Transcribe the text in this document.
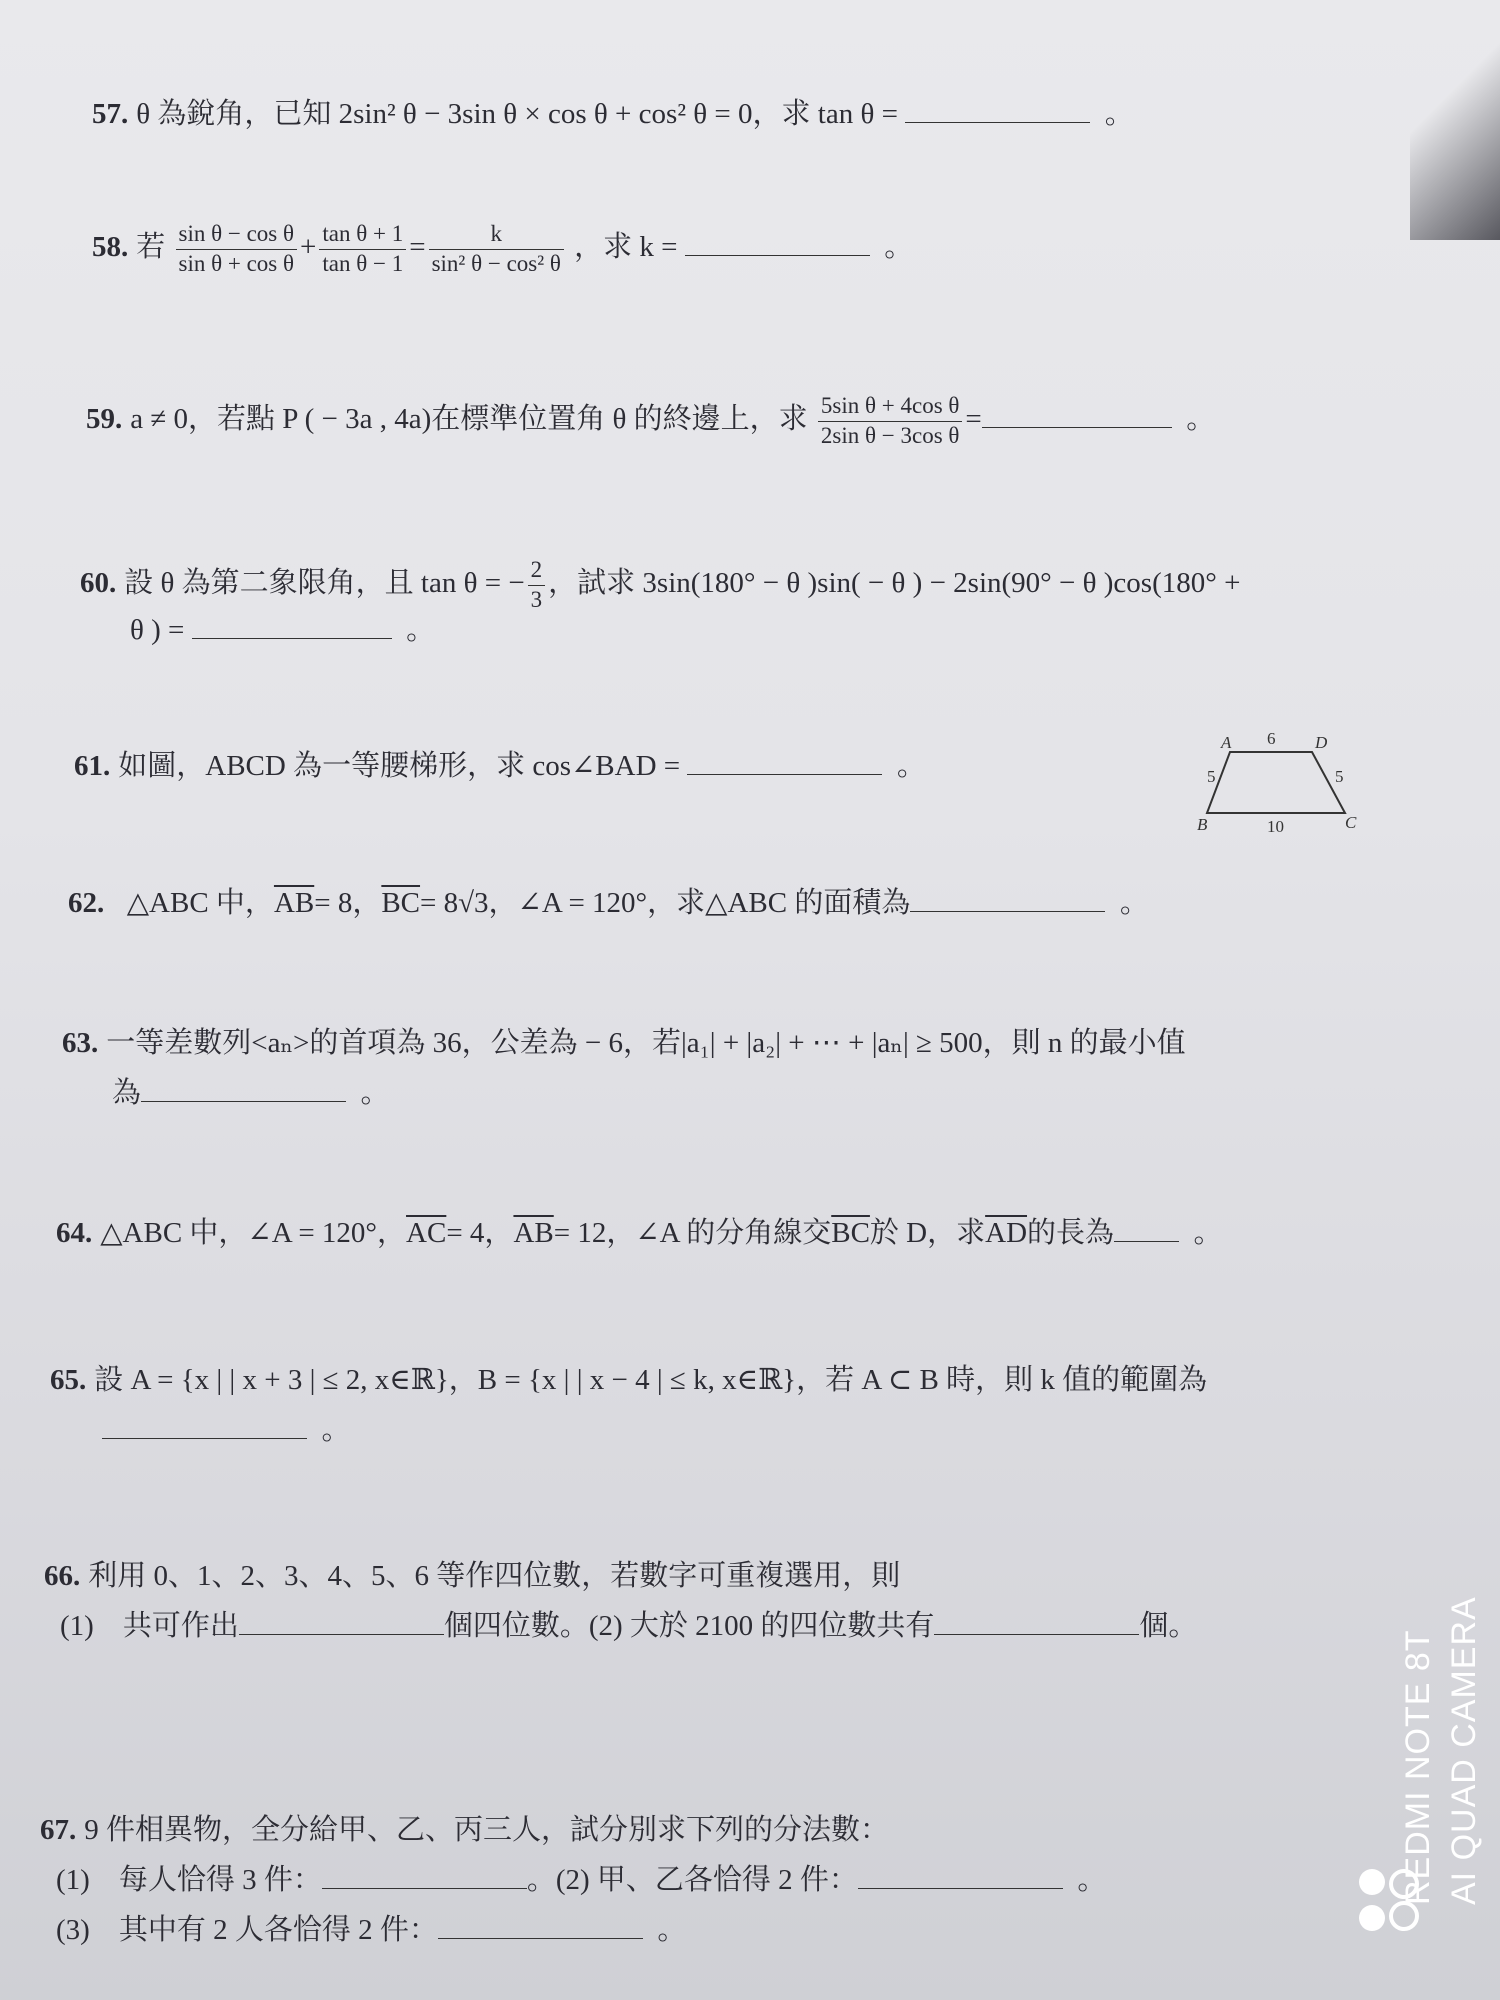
57. θ 為銳角，已知 2sin² θ − 3sin θ × cos θ + cos² θ = 0，求 tan θ =	。
58. 若 $\frac{\text{sin θ − cos θ}}{\text{sin θ + cos θ}} + \frac{\text{tan θ + 1}}{\text{tan θ − 1}} = \frac{k}{\text{sin² θ − cos² θ}}$ ，求 k =	。
59. a ≠ 0，若點 P ( − 3a , 4a)在標準位置角 θ 的終邊上，求 $\frac{\text{5sin θ + 4cos θ}}{\text{2sin θ − 3cos θ}}$ =	。
60. 設 θ 為第二象限角，且 tan θ = − $\frac{2}{3}$ ，試求 3sin(180° − θ )sin( − θ ) − 2sin(90° − θ )cos(180° +
θ ) =	。
61. 如圖，ABCD 為一等腰梯形，求 cos∠BAD =	。
A	D
B	C
6
10
5	5
62. △ABC 中，$\overline{AB}= 8$，$\overline{BC}= 8√3$，∠A = 120°，求△ABC 的面積為	。
63. 一等差數列<aₙ>的首項為 36，公差為 − 6，若|a₁| + |a₂| + ⋯ + |aₙ| ≥ 500，則 n 的最小值
為	。
64. △ABC 中，∠A = 120°，$\overline{AC}= 4$，$\overline{AB}= 12$，∠A 的分角線交$\overline{BC}$於 D，求$\overline{AD}$的長為	。
65. 設 A = {x | | x + 3 | ≤ 2, x∈ℝ}，B = {x | | x − 4 | ≤ k, x∈ℝ}，若 A ⊂ B 時，則 k 值的範圍為
。
66. 利用 0、1、2、3、4、5、6 等作四位數，若數字可重複選用，則
(1)　共可作出	個四位數。(2) 大於 2100 的四位數共有	個。
67. 9 件相異物，全分給甲、乙、丙三人，試分別求下列的分法數：
(1)　每人恰得 3 件：	。(2) 甲、乙各恰得 2 件：	。
(3)　其中有 2 人各恰得 2 件：	。
REDMI NOTE 8T AI QUAD CAMERA
